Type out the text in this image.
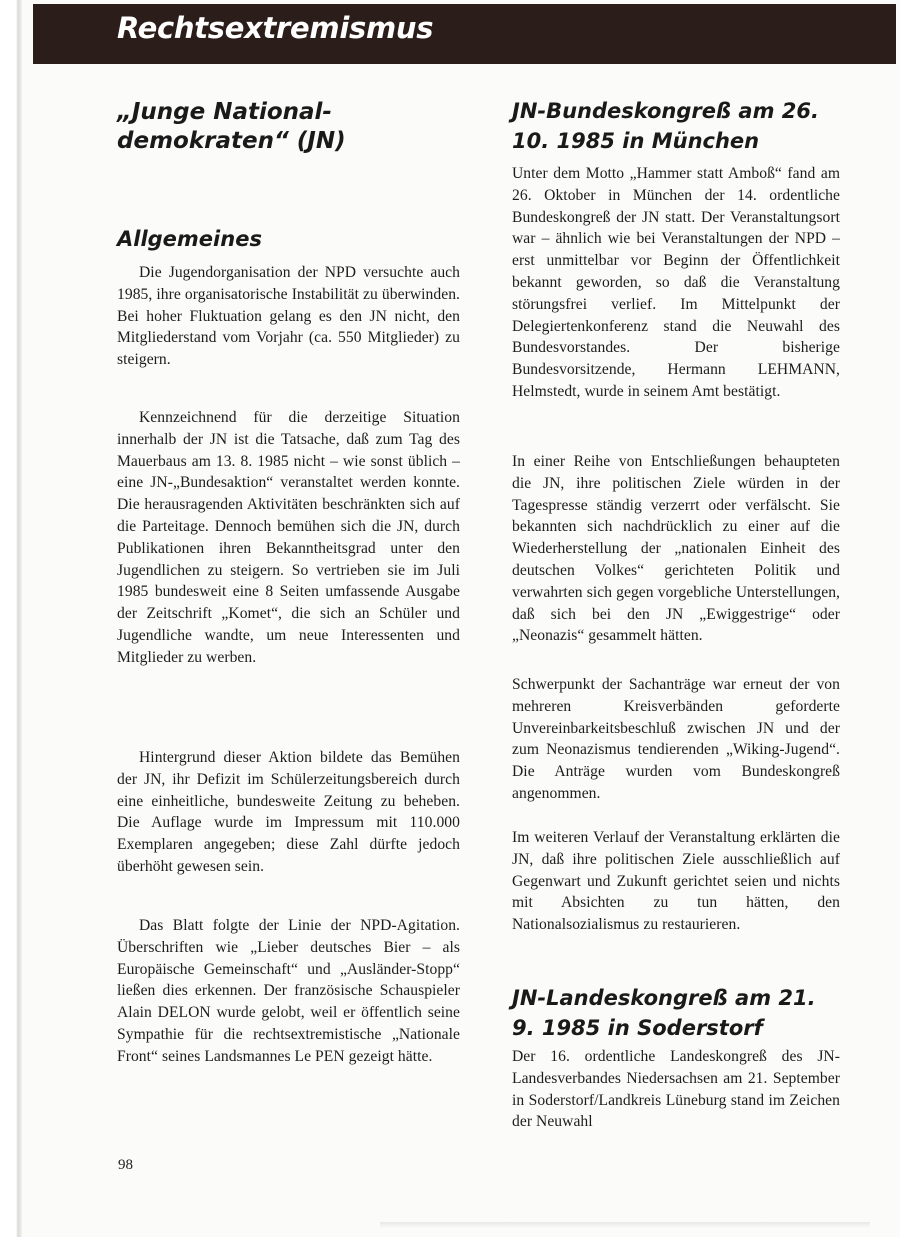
Rechtsextremismus
„Junge National-demokraten“ (JN)
Allgemeines

Die Jugendorganisation der NPD versuchte auch 1985, ihre organisatorische Instabilität zu überwinden. Bei hoher Fluktuation gelang es den JN nicht, den Mitgliederstand vom Vorjahr (ca. 550 Mitglieder) zu steigern.

Kennzeichnend für die derzeitige Situation innerhalb der JN ist die Tatsache, daß zum Tag des Mauerbaus am 13. 8. 1985 nicht – wie sonst üblich – eine JN-„Bundesaktion“ veranstaltet werden konnte. Die herausragenden Aktivitäten beschränkten sich auf die Parteitage. Dennoch bemühen sich die JN, durch Publikationen ihren Bekanntheitsgrad unter den Jugendlichen zu steigern. So vertrieben sie im Juli 1985 bundesweit eine 8 Seiten umfassende Ausgabe der Zeitschrift „Komet“, die sich an Schüler und Jugendliche wandte, um neue Interessenten und Mitglieder zu werben.

Hintergrund dieser Aktion bildete das Bemühen der JN, ihr Defizit im Schülerzeitungsbereich durch eine einheitliche, bundesweite Zeitung zu beheben. Die Auflage wurde im Impressum mit 110.000 Exemplaren angegeben; diese Zahl dürfte jedoch überhöht gewesen sein.

Das Blatt folgte der Linie der NPD-Agitation. Überschriften wie „Lieber deutsches Bier – als Europäische Gemeinschaft“ und „Ausländer-Stopp“ ließen dies erkennen. Der französische Schauspieler Alain DELON wurde gelobt, weil er öffentlich seine Sympathie für die rechtsextremistische „Nationale Front“ seines Landsmannes Le PEN gezeigt hätte.

JN-Bundeskongreß am 26. 10. 1985 in München

Unter dem Motto „Hammer statt Amboß“ fand am 26. Oktober in München der 14. ordentliche Bundeskongreß der JN statt. Der Veranstaltungsort war – ähnlich wie bei Veranstaltungen der NPD – erst unmittelbar vor Beginn der Öffentlichkeit bekannt geworden, so daß die Veranstaltung störungsfrei verlief. Im Mittelpunkt der Delegiertenkonferenz stand die Neuwahl des Bundesvorstandes. Der bisherige Bundesvorsitzende, Hermann LEHMANN, Helmstedt, wurde in seinem Amt bestätigt.

In einer Reihe von Entschließungen behaupteten die JN, ihre politischen Ziele würden in der Tagespresse ständig verzerrt oder verfälscht. Sie bekannten sich nachdrücklich zu einer auf die Wiederherstellung der „nationalen Einheit des deutschen Volkes“ gerichteten Politik und verwahrten sich gegen vorgebliche Unterstellungen, daß sich bei den JN „Ewiggestrige“ oder „Neonazis“ gesammelt hätten.

Schwerpunkt der Sachanträge war erneut der von mehreren Kreisverbänden geforderte Unvereinbarkeitsbeschluß zwischen JN und der zum Neonazismus tendierenden „Wiking-Jugend“. Die Anträge wurden vom Bundeskongreß angenommen.

Im weiteren Verlauf der Veranstaltung erklärten die JN, daß ihre politischen Ziele ausschließlich auf Gegenwart und Zukunft gerichtet seien und nichts mit Absichten zu tun hätten, den Nationalsozialismus zu restaurieren.

JN-Landeskongreß am 21. 9. 1985 in Soderstorf

Der 16. ordentliche Landeskongreß des JN-Landesverbandes Niedersachsen am 21. September in Soderstorf/Landkreis Lüneburg stand im Zeichen der Neuwahl

98
